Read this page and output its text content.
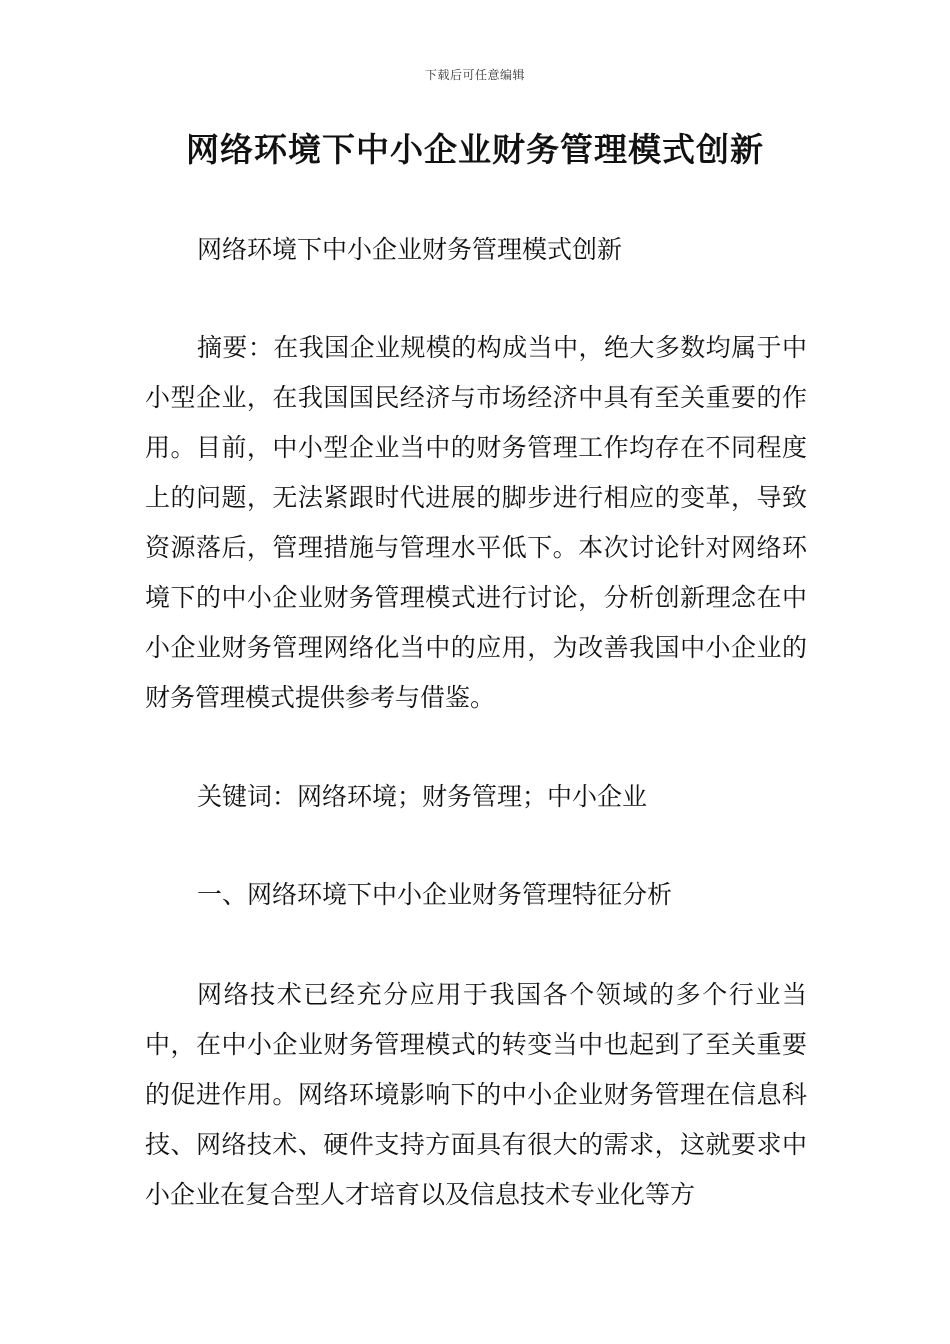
下载后可任意编辑
网络环境下中小企业财务管理模式创新

网络环境下中小企业财务管理模式创新

摘要：在我国企业规模的构成当中，绝大多数均属于中小型企业，在我国国民经济与市场经济中具有至关重要的作用。目前，中小型企业当中的财务管理工作均存在不同程度上的问题，无法紧跟时代进展的脚步进行相应的变革，导致资源落后，管理措施与管理水平低下。本次讨论针对网络环境下的中小企业财务管理模式进行讨论，分析创新理念在中小企业财务管理网络化当中的应用，为改善我国中小企业的财务管理模式提供参考与借鉴。

关键词：网络环境；财务管理；中小企业

一、网络环境下中小企业财务管理特征分析

网络技术已经充分应用于我国各个领域的多个行业当中，在中小企业财务管理模式的转变当中也起到了至关重要的促进作用。网络环境影响下的中小企业财务管理在信息科技、网络技术、硬件支持方面具有很大的需求，这就要求中小企业在复合型人才培育以及信息技术专业化等方
